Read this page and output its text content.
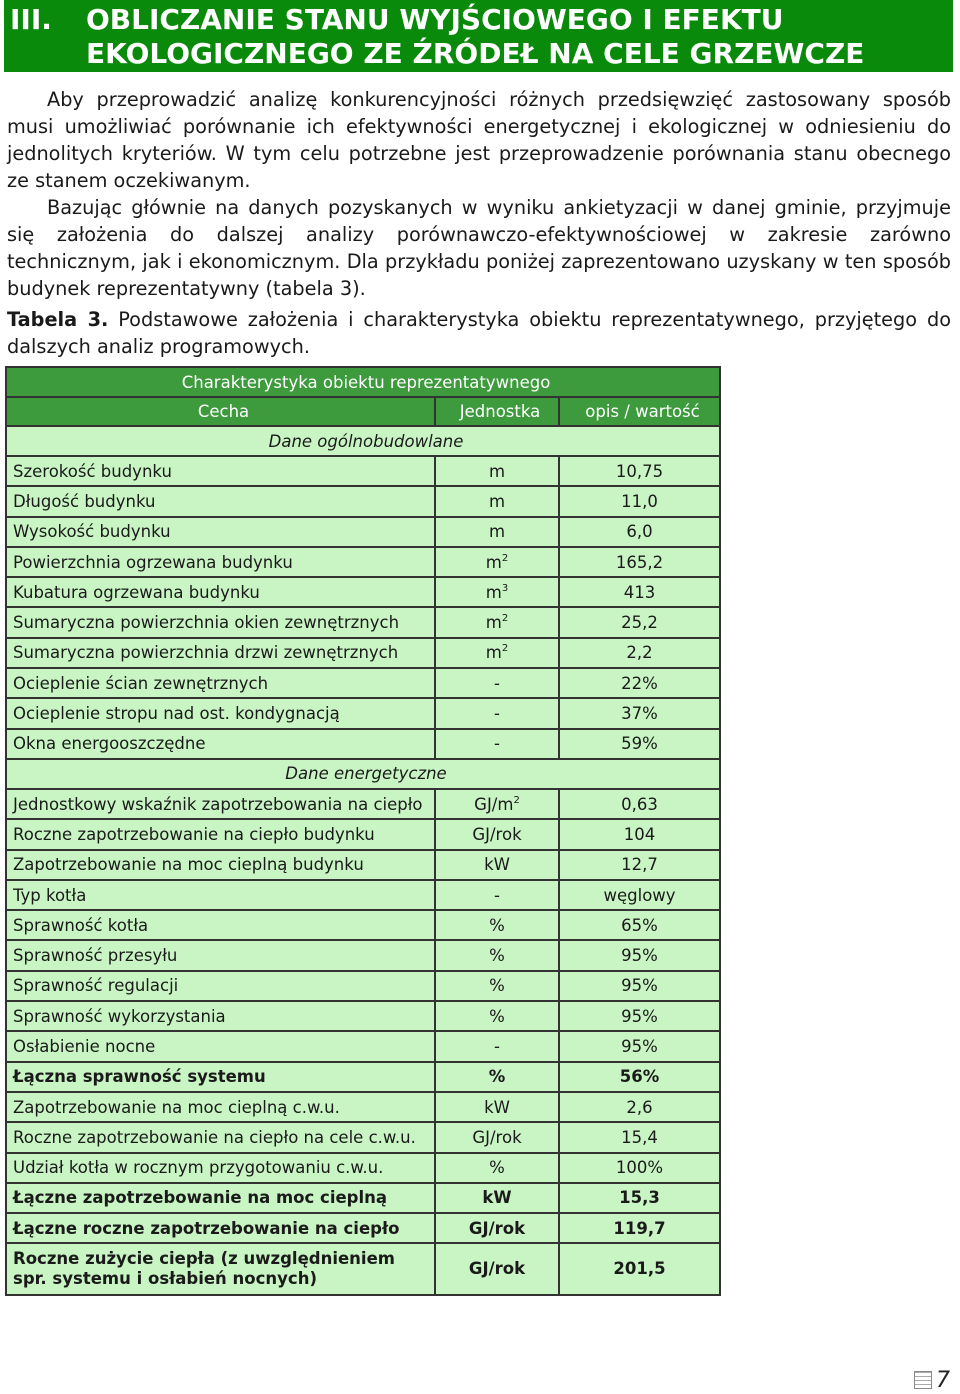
III. OBLICZANIE STANU WYJŚCIOWEGO I EFEKTU
EKOLOGICZNEGO ZE ŹRÓDEŁ NA CELE GRZEWCZE

Aby przeprowadzić analizę konkurencyjności różnych przedsięwzięć zastosowany sposób musi umożliwiać porównanie ich efektywności energetycznej i ekologicznej w odniesieniu do jednolitych kryteriów. W tym celu potrzebne jest przeprowadzenie porównania stanu obecnego ze stanem oczekiwanym.

Bazując głównie na danych pozyskanych w wyniku ankietyzacji w danej gminie, przyjmuje się założenia do dalszej analizy porównawczo-efektywnościowej w zakresie zarówno technicznym, jak i ekonomicznym. Dla przykładu poniżej zaprezentowano uzyskany w ten sposób budynek reprezentatywny (tabela 3).

Tabela 3. Podstawowe założenia i charakterystyka obiektu reprezentatywnego, przyjętego do dalszych analiz programowych.

Charakterystyka obiektu reprezentatywnego		
Cecha	Jednostka	opis / wartość
Dane ogólnobudowlane		
Szerokość budynku	m	10,75
Długość budynku	m	11,0
Wysokość budynku	m	6,0
Powierzchnia ogrzewana budynku	$m^2$	165,2
Kubatura ogrzewana budynku	$m^3$	413
Sumaryczna powierzchnia okien zewnętrznych	$m^2$	25,2
Sumaryczna powierzchnia drzwi zewnętrznych	$m^2$	2,2
Ocieplenie ścian zewnętrznych	-	22%
Ocieplenie stropu nad ost. kondygnacją	-	37%
Okna energooszczędne	-	59%
Dane energetyczne		
Jednostkowy wskaźnik zapotrzebowania na ciepło	$GJ/m^2$	0,63
Roczne zapotrzebowanie na ciepło budynku	GJ/rok	104
Zapotrzebowanie na moc cieplną budynku	kW	12,7
Typ kotła	-	węglowy
Sprawność kotła	%	65%
Sprawność przesyłu	%	95%
Sprawność regulacji	%	95%
Sprawność wykorzystania	%	95%
Osłabienie nocne	-	95%
Łączna sprawność systemu	%	56%
Zapotrzebowanie na moc cieplną c.w.u.	kW	2,6
Roczne zapotrzebowanie na ciepło na cele c.w.u.	GJ/rok	15,4
Udział kotła w rocznym przygotowaniu c.w.u.	%	100%
Łączne zapotrzebowanie na moc cieplną	kW	15,3
Łączne roczne zapotrzebowanie na ciepło	GJ/rok	119,7
Roczne zużycie ciepła (z uwzględnieniem spr. systemu i osłabień nocnych)	GJ/rok	201,5
7
